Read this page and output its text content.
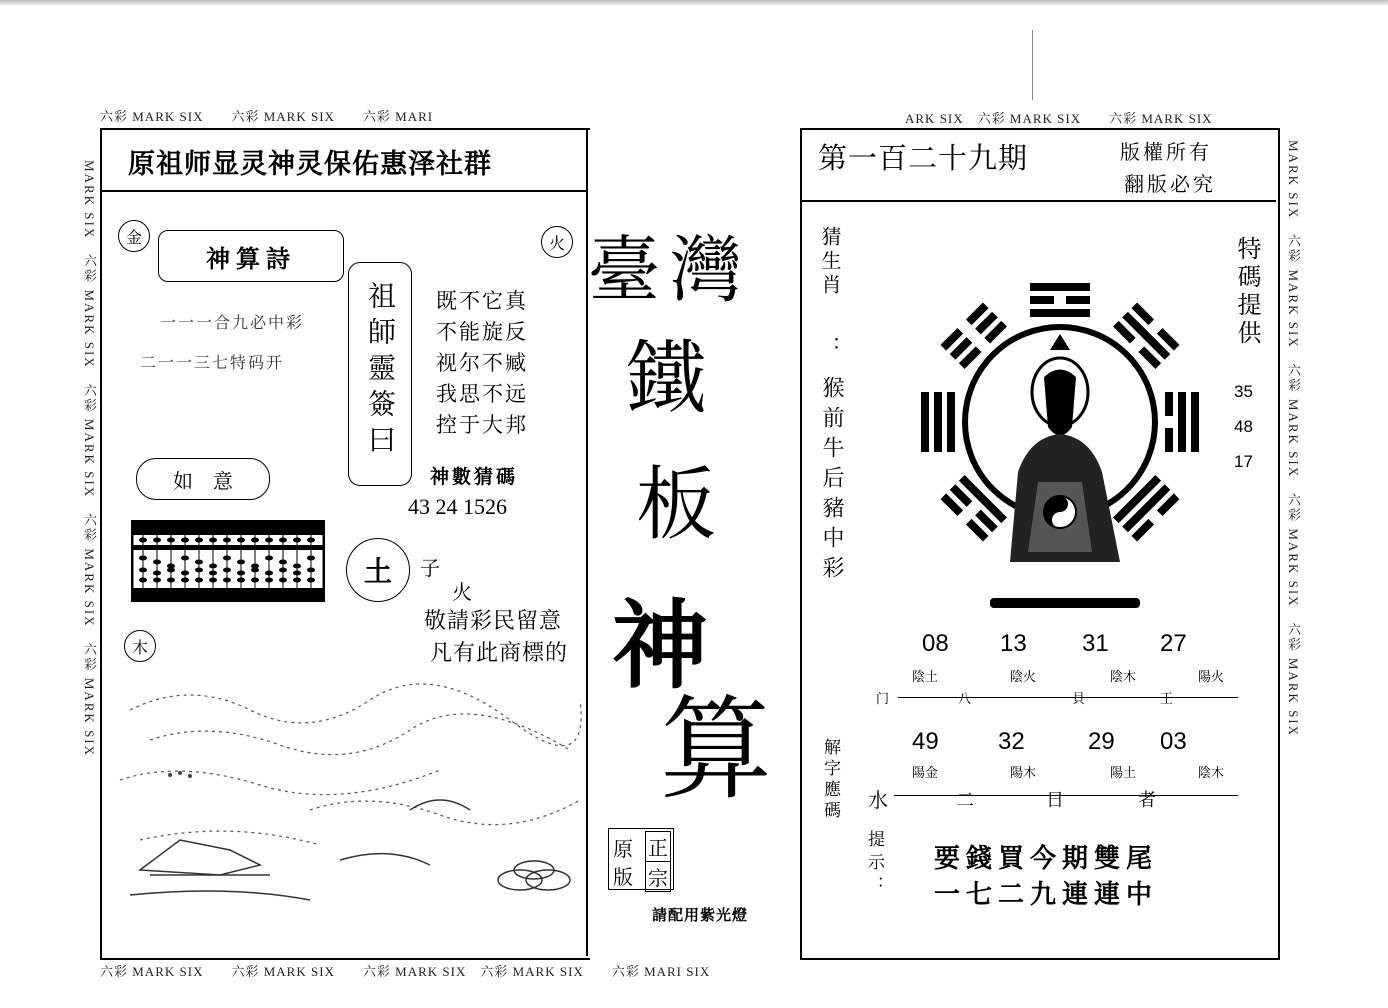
六彩 MARK SIX　　六彩 MARK SIX　　六彩 MARI	ARK SIX　六彩 MARK SIX　　六彩 MARK SIX
六彩 MARK SIX　　六彩 MARK SIX　　六彩 MARK SIX　六彩 MARK SIX　　六彩 MARI SIX
MARK SIX　六彩 MARK SIX　六彩 MARK SIX　六彩 MARK SIX　六彩 MARK SIX	MARK SIX　六彩 MARK SIX　六彩 MARK SIX　六彩 MARK SIX　六彩 MARK SIX
原祖师显灵神灵保佑惠泽社群
金	火
神算詩
一一一合九必中彩
二一一三七特码开	祖師靈簽曰 既不它真
不能旋反
视尔不臧
我思不远
控于大邦
神數猜碼
43 24 1526
如　意
土	子
火
敬請彩民留意
凡有此商標的
木
臺灣
鐵
板
神
算
原 正
版 宗
請配用紫光燈
第一百二十九期	版權所有
翻版必究
猜生肖
：
猴前牛后豬中彩
特碼提供
35
48
17
08 13 31 27
陰土	陰火	陰木	陽火
门	八	貝	王
49 32	29 03
陽金	陽木	陽土	陰木
水	二	日	者
解字應碼
提示： 要錢買今期雙尾
一七二九連連中
